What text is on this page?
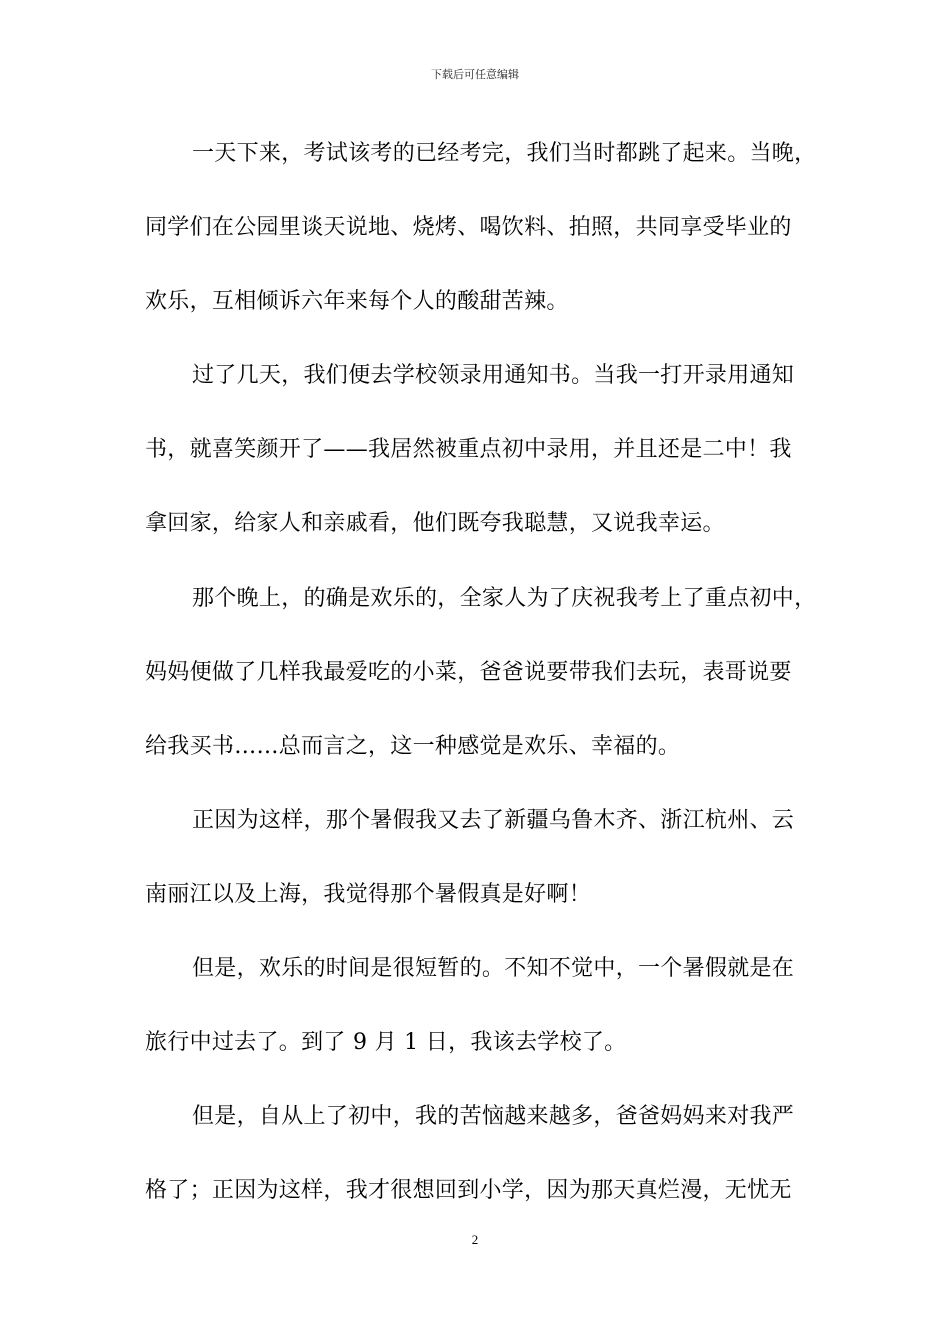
下载后可任意编辑
一天下来，考试该考的已经考完，我们当时都跳了起来。当晚，
同学们在公园里谈天说地、烧烤、喝饮料、拍照，共同享受毕业的
欢乐，互相倾诉六年来每个人的酸甜苦辣。
过了几天，我们便去学校领录用通知书。当我一打开录用通知
书，就喜笑颜开了——我居然被重点初中录用，并且还是二中！我
拿回家，给家人和亲戚看，他们既夸我聪慧，又说我幸运。
那个晚上，的确是欢乐的，全家人为了庆祝我考上了重点初中，
妈妈便做了几样我最爱吃的小菜，爸爸说要带我们去玩，表哥说要
给我买书……总而言之，这一种感觉是欢乐、幸福的。
正因为这样，那个暑假我又去了新疆乌鲁木齐、浙江杭州、云
南丽江以及上海，我觉得那个暑假真是好啊！
但是，欢乐的时间是很短暂的。不知不觉中，一个暑假就是在
旅行中过去了。到了 9 月 1 日，我该去学校了。
但是，自从上了初中，我的苦恼越来越多，爸爸妈妈来对我严
格了；正因为这样，我才很想回到小学，因为那天真烂漫，无忧无
2
